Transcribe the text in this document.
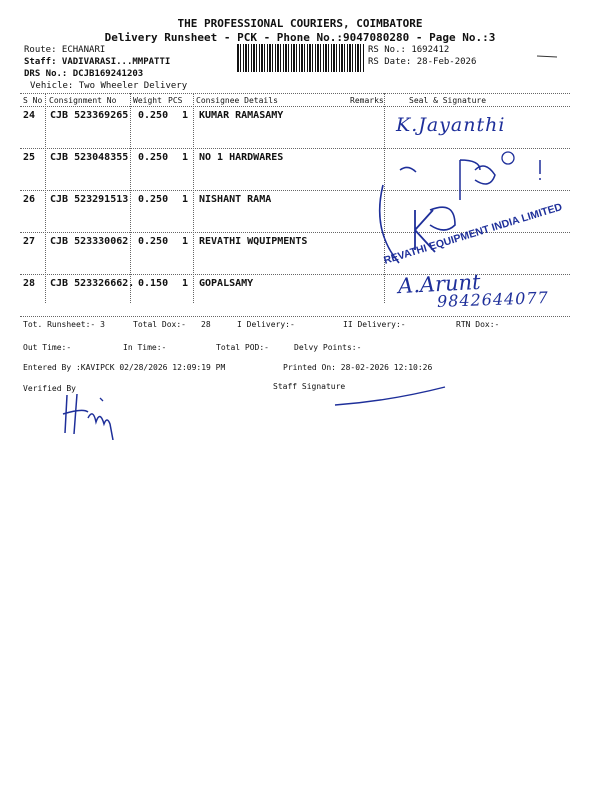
THE PROFESSIONAL COURIERS, COIMBATORE
Delivery Runsheet - PCK - Phone No.:9047080280 - Page No.:3
Route: ECHANARI
Staff: VADIVARASI...MMPATTI
DRS No.: DCJB169241203
Vehicle: Two Wheeler Delivery
RS No.: 1692412
RS Date: 28-Feb-2026
S No Consignment No Weight PCS Consignee Details	Remarks	Seal & Signature
24 CJB 523369265 0.250 1 KUMAR RAMASAMY
25 CJB 523048355 0.250 1 NO 1 HARDWARES
26 CJB 523291513 0.250 1 NISHANT RAMA
27 CJB 523330062 0.250 1 REVATHI WQUIPMENTS
28 CJB 523326662. 0.150 1 GOPALSAMY
K.Jayanthi
REVATHI EQUIPMENT INDIA LIMITED
A.Arunt
9842644077
Tot. Runsheet:- 3	Total Dox:- 28	I Delivery:-	II Delivery:-	RTN Dox:-
Out Time:-	In Time:-	Total POD:-	Delvy Points:-
Entered By :KAVIPCK 02/28/2026 12:09:19 PM	Printed On: 28-02-2026 12:10:26
Verified By	Staff Signature
